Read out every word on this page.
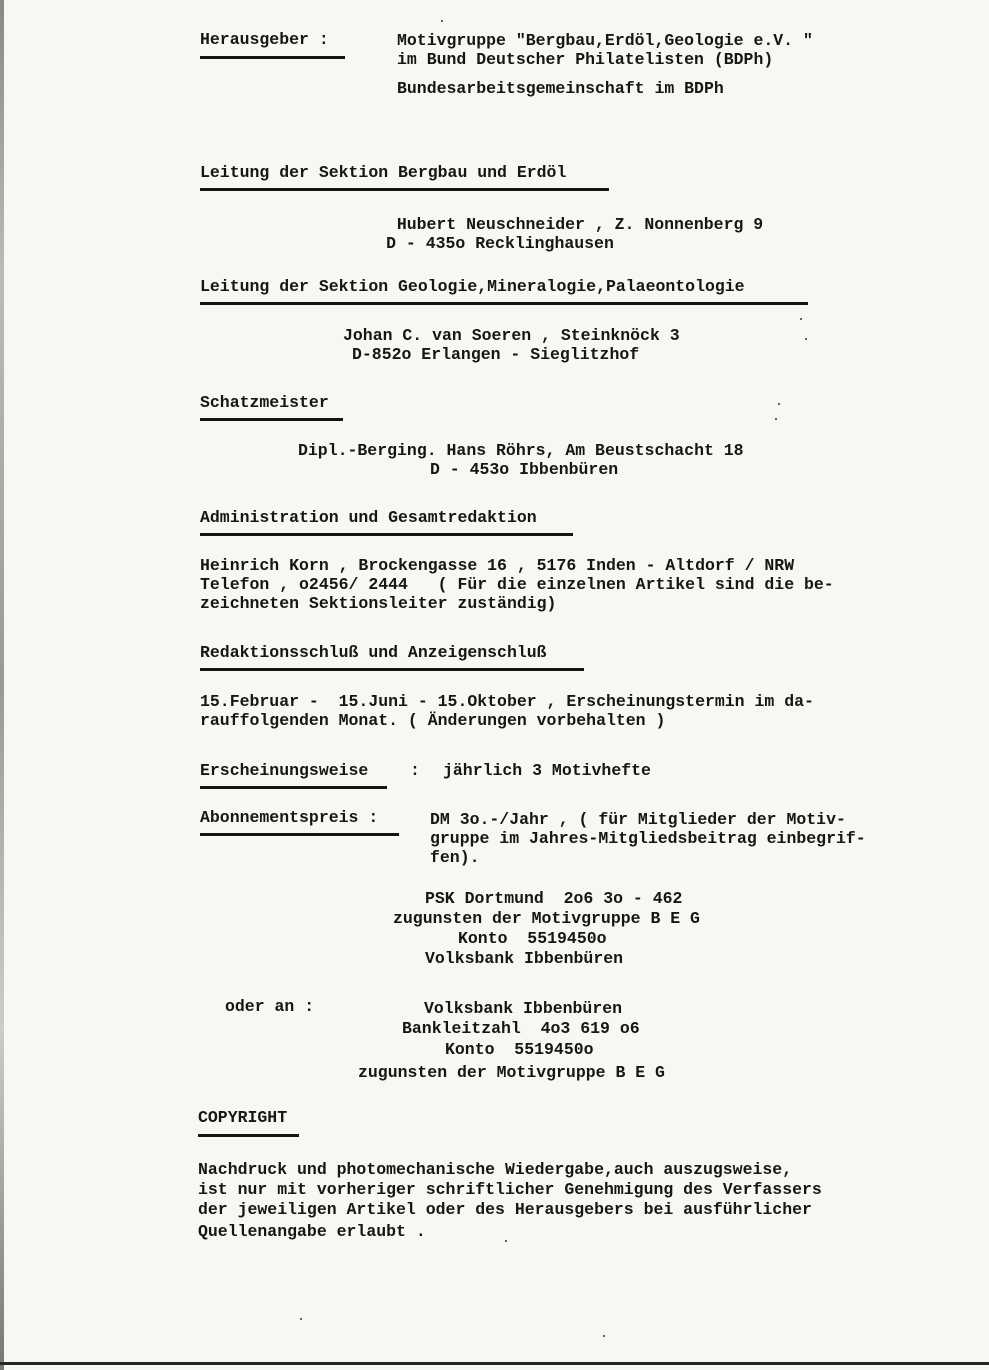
Herausgeber :	Motivgruppe "Bergbau,Erdöl,Geologie e.V. "
im Bund Deutscher Philatelisten (BDPh)
Bundesarbeitsgemeinschaft im BDPh
Leitung der Sektion Bergbau und Erdöl
Hubert Neuschneider , Z. Nonnenberg 9
D - 435o Recklinghausen
Leitung der Sektion Geologie,Mineralogie,Palaeontologie
Johan C. van Soeren , Steinknöck 3
D-852o Erlangen - Sieglitzhof
Schatzmeister
Dipl.-Berging. Hans Röhrs, Am Beustschacht 18
D - 453o Ibbenbüren
Administration und Gesamtredaktion
Heinrich Korn , Brockengasse 16 , 5176 Inden - Altdorf / NRW
Telefon , o2456/ 2444   ( Für die einzelnen Artikel sind die be-
zeichneten Sektionsleiter zuständig)
Redaktionsschluß und Anzeigenschluß
15.Februar -  15.Juni - 15.Oktober , Erscheinungstermin im da-
rauffolgenden Monat. ( Änderungen vorbehalten )
Erscheinungsweise	: jährlich 3 Motivhefte
Abonnementspreis :	DM 3o.-/Jahr , ( für Mitglieder der Motiv-
gruppe im Jahres-Mitgliedsbeitrag einbegrif-
fen).
PSK Dortmund  2o6 3o - 462
zugunsten der Motivgruppe B E G
Konto  5519450o
Volksbank Ibbenbüren
oder an :	Volksbank Ibbenbüren
Bankleitzahl  4o3 619 o6
Konto  5519450o
zugunsten der Motivgruppe B E G
COPYRIGHT
Nachdruck und photomechanische Wiedergabe,auch auszugsweise,
ist nur mit vorheriger schriftlicher Genehmigung des Verfassers
der jeweiligen Artikel oder des Herausgebers bei ausführlicher
Quellenangabe erlaubt .
